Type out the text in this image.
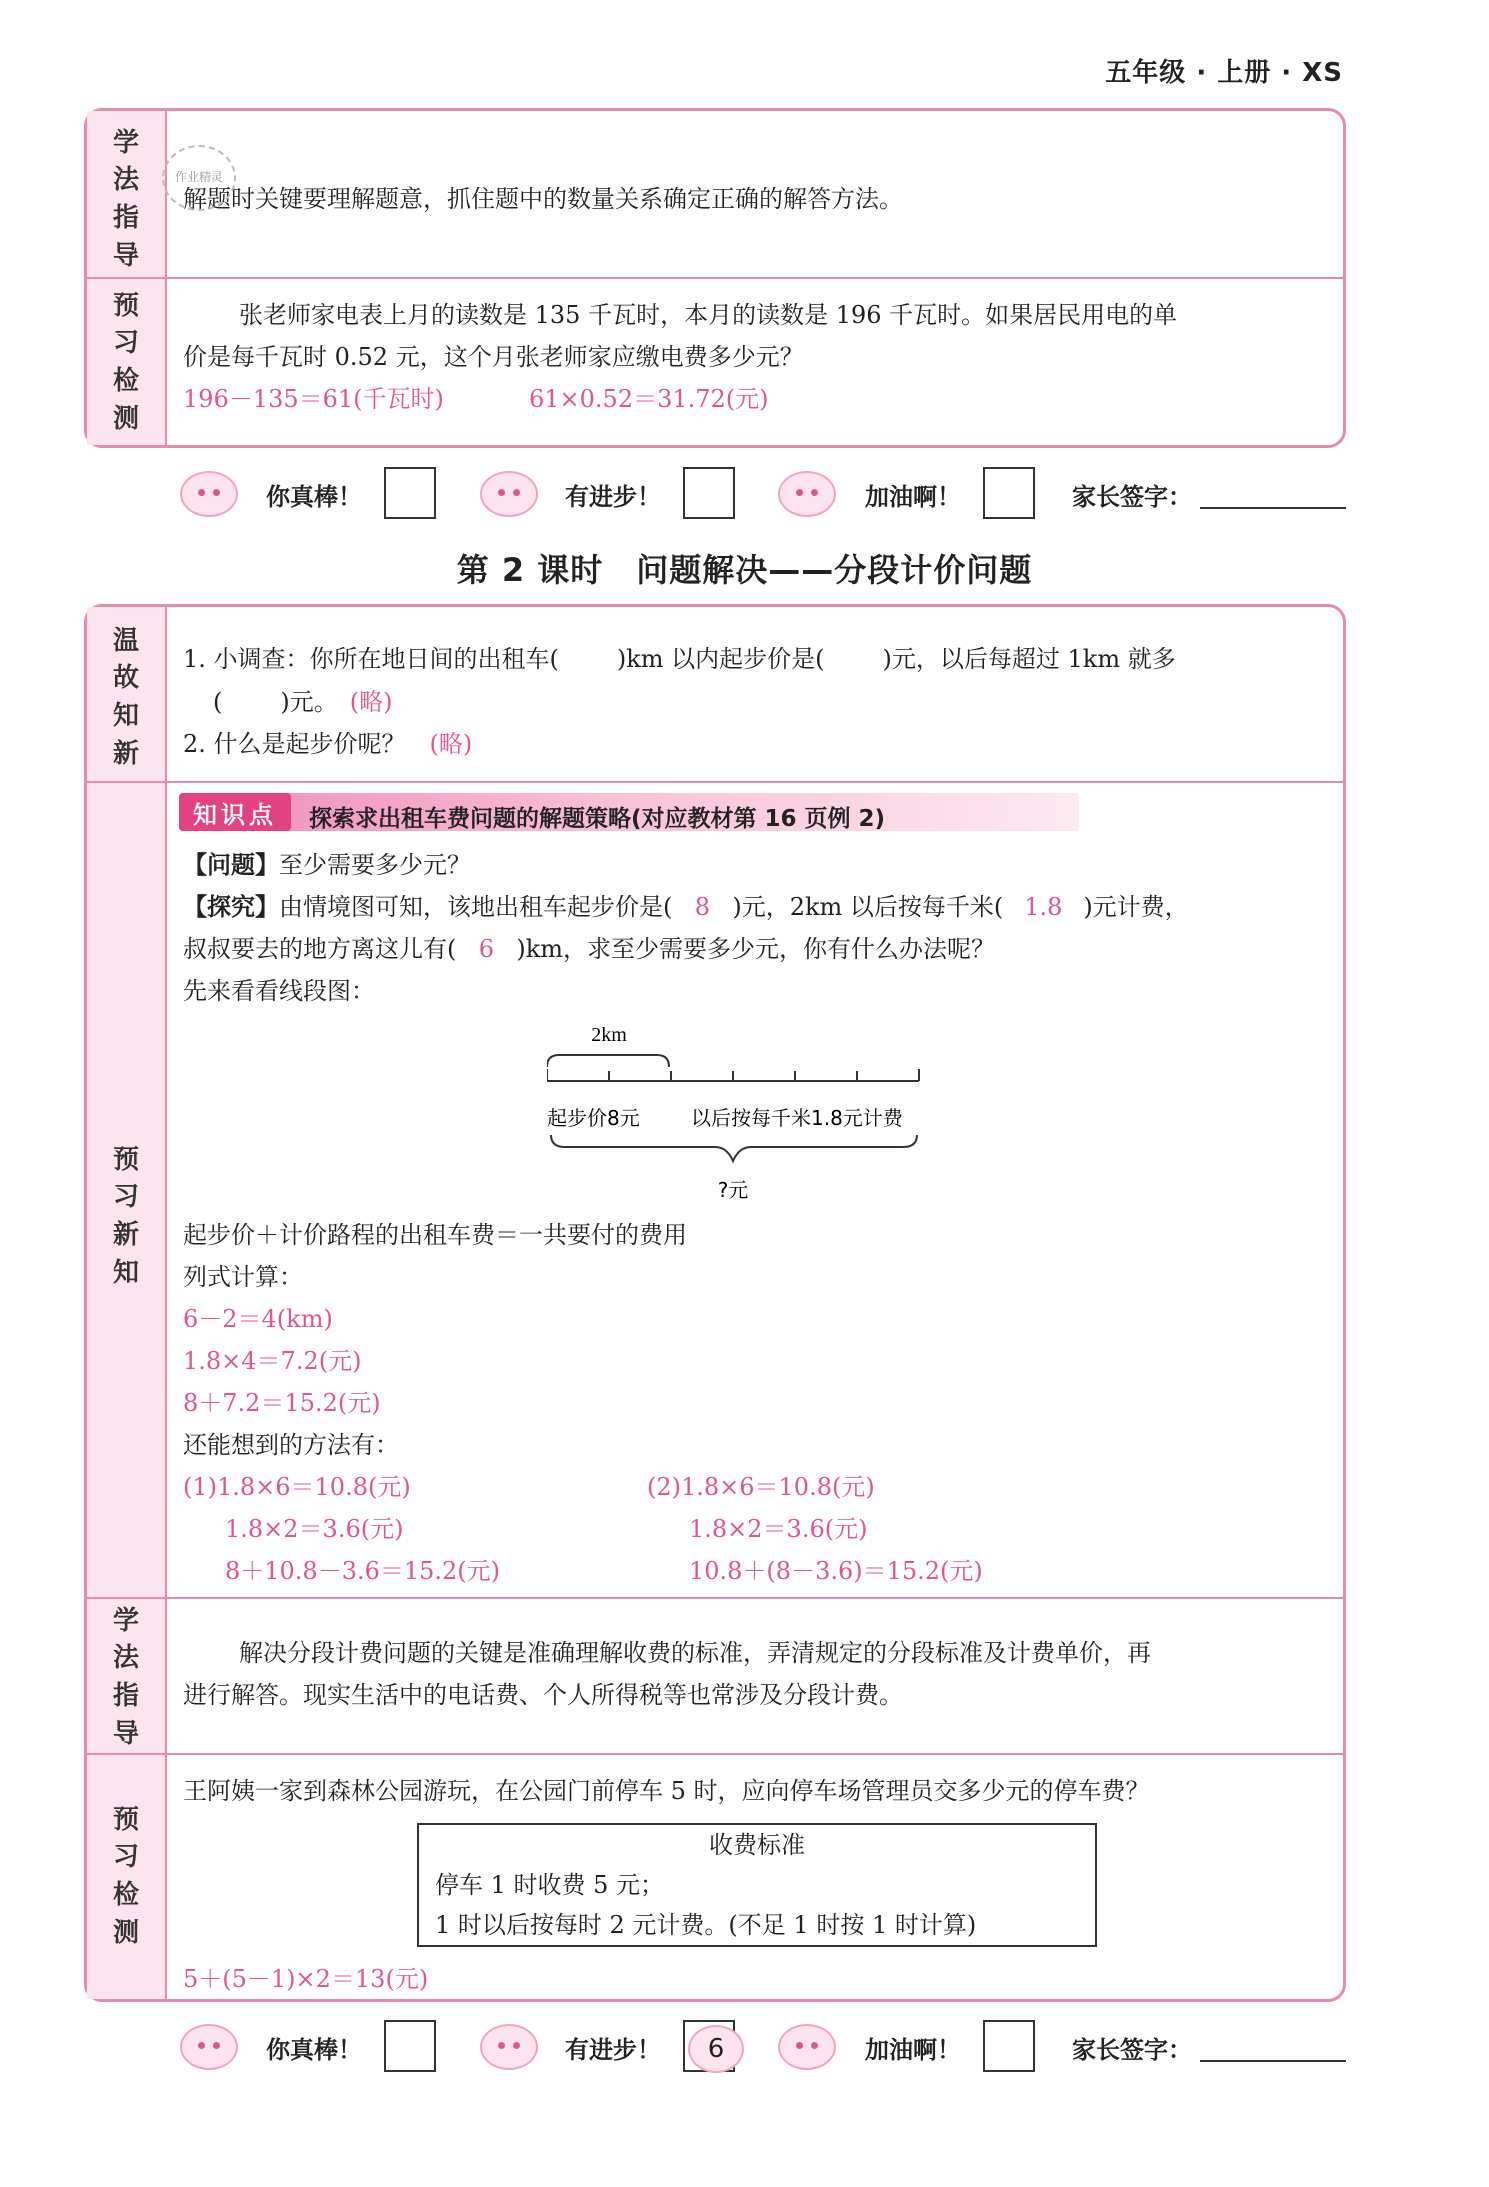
五年级 · 上册 · XS
学
法
指
导
预
习
检
测
解题时关键要理解题意，抓住题中的数量关系确定正确的解答方法。
张老师家电表上月的读数是 135 千瓦时，本月的读数是 196 千瓦时。如果居民用电的单
价是每千瓦时 0.52 元，这个月张老师家应缴电费多少元？
196－135＝61(千瓦时)	61×0.52＝31.72(元)
作业精灵
你真棒！	有进步！	加油啊！	家长签字：
第 2 课时　问题解决——分段计价问题
温
故
知
新
1. 小调查：你所在地日间的出租车( )km 以内起步价是( )元，以后每超过 1km 就多
( )元。　 (略)
2. 什么是起步价呢？　 (略)
预
习
新
知
知识点	探索求出租车费问题的解题策略(对应教材第 16 页例 2)
【问题】至少需要多少元？
【探究】由情境图可知，该地出租车起步价是( 8 )元，2km 以后按每千米( 1.8 )元计费，
叔叔要去的地方离这儿有( 6 )km，求至少需要多少元，你有什么办法呢？
先来看看线段图：
2km
起步价8元	以后按每千米1.8元计费
?元
起步价＋计价路程的出租车费＝一共要付的费用
列式计算：
6－2＝4(km)
1.8×4＝7.2(元)
8＋7.2＝15.2(元)
还能想到的方法有：
(1)1.8×6＝10.8(元)
1.8×2＝3.6(元)
8＋10.8－3.6＝15.2(元)
(2)1.8×6＝10.8(元)
1.8×2＝3.6(元)
10.8＋(8－3.6)＝15.2(元)
学
法
指
导
解决分段计费问题的关键是准确理解收费的标准，弄清规定的分段标准及计费单价，再
进行解答。现实生活中的电话费、个人所得税等也常涉及分段计费。
预
习
检
测
王阿姨一家到森林公园游玩，在公园门前停车 5 时，应向停车场管理员交多少元的停车费？
收费标准
停车 1 时收费 5 元；
1 时以后按每时 2 元计费。(不足 1 时按 1 时计算)
5＋(5－1)×2＝13(元)
你真棒！	有进步！	加油啊！	家长签字：
6
